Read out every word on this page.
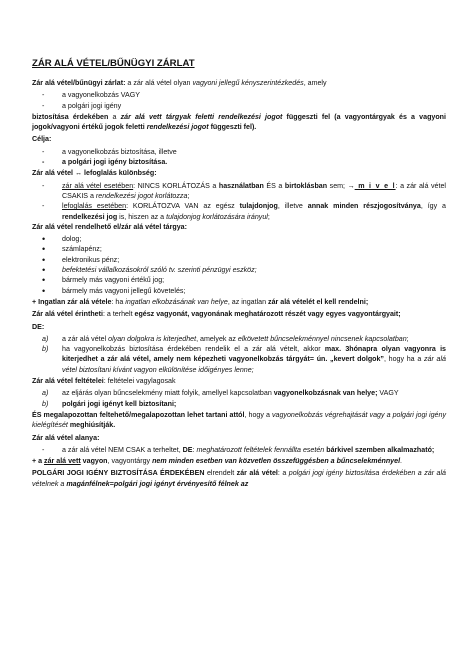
ZÁR ALÁ VÉTEL/BŰNÜGYI ZÁRLAT

Zár alá vétel/bűnügyi zárlat: a zár alá vétel olyan vagyoni jellegű kényszerintézkedés, amely

- a vagyonelkobzás VAGY
- a polgári jogi igény

biztosítása érdekében a zár alá vett tárgyak feletti rendelkezési jogot függeszti fel (a vagyontárgyak és a vagyoni jogok/vagyoni értékű jogok feletti rendelkezési jogot függeszti fel).

Célja:

- a vagyonelkobzás biztosítása, illetve
- a polgári jogi igény biztosítása.

Zár alá vétel ↔ lefoglalás különbség:

- zár alá vétel esetében: NINCS KORLÁTOZÁS a használatban ÉS a birtoklásban sem; → m i v e l: a zár alá vétel CSAKIS a rendelkezési jogot korlátozza;
- lefoglalás esetében: KORLÁTOZVA VAN az egész tulajdonjog, illetve annak minden részjogosítványa, így a rendelkezési jog is, hiszen az a tulajdonjog korlátozására irányul;

Zár alá vétel rendelhető el/zár alá vétel tárgya:

• dolog;
• számlapénz;
• elektronikus pénz;
• befektetési vállalkozásokról szóló tv. szerinti pénzügyi eszköz;
• bármely más vagyoni értékű jog;
• bármely más vagyoni jellegű követelés;

+ Ingatlan zár alá vétele: ha ingatlan elkobzásának van helye, az ingatlan zár alá vételét el kell rendelni;

Zár alá vétel érintheti: a terhelt egész vagyonát, vagyonának meghatározott részét vagy egyes vagyontárgyait;

DE:

a) a zár alá vétel olyan dolgokra is kiterjedhet, amelyek az elkövetett bűncselekménnyel nincsenek kapcsolatban;
b) ha vagyonelkobzás biztosítása érdekében rendelik el a zár alá vételt, akkor max. 3hónapra olyan vagyonra is kiterjedhet a zár alá vétel, amely nem képezheti vagyonelkobzás tárgyát= ún. „kevert dolgok”, hogy ha a zár alá vétel biztosítani kívánt vagyon elkülönítése időigényes lenne;

Zár alá vétel feltételei: feltételei vagylagosak

a) az eljárás olyan bűncselekmény miatt folyik, amellyel kapcsolatban vagyonelkobzásnak van helye; VAGY
b) polgári jogi igényt kell biztosítani;

ÉS megalapozottan feltehető/megalapozottan lehet tartani attól, hogy a vagyonelkobzás végrehajtását vagy a polgári jogi igény kielégítését meghiúsítják.

Zár alá vétel alanya:

- a zár alá vétel NEM CSAK a terheltet, DE: meghatározott feltételek fennállta esetén bárkivel szemben alkalmazható;

+ a zár alá vett vagyon, vagyontárgy nem minden esetben van közvetlen összefüggésben a bűncselekménnyel.

POLGÁRI JOGI IGÉNY BIZTOSÍTÁSA ÉRDEKÉBEN elrendelt zár alá vétel: a polgári jogi igény biztosítása érdekében a zár alá vételnek a magánfélnek=polgári jogi igényt érvényesítő félnek az
